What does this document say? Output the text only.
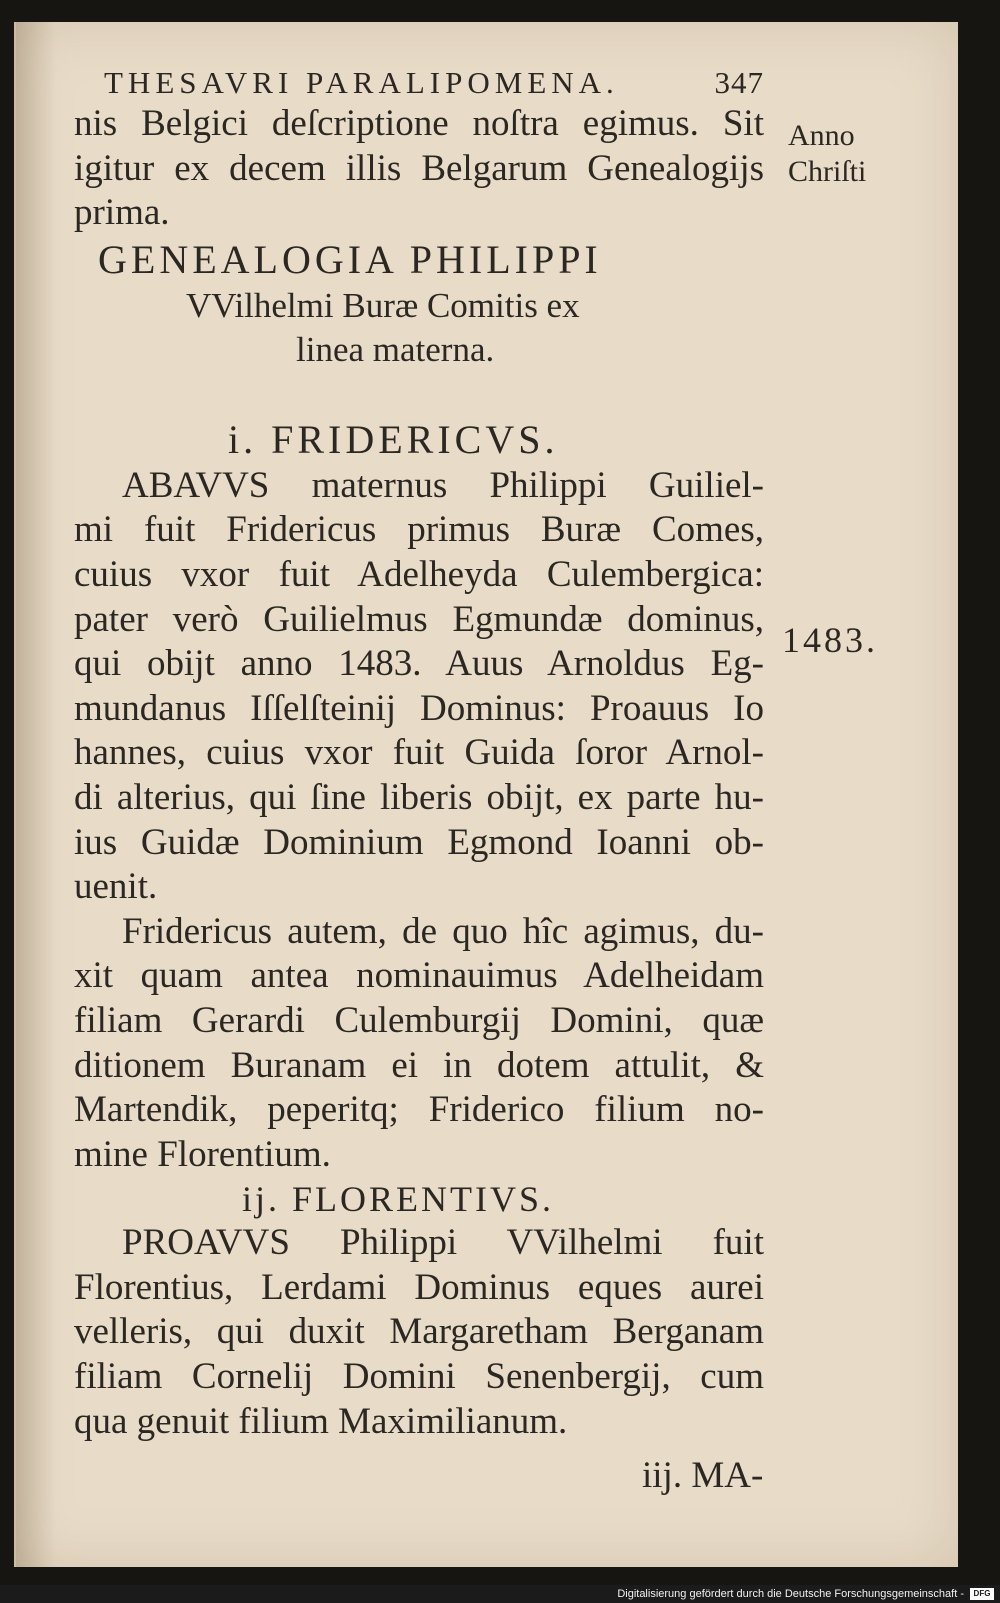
THESAVRI PARALIPOMENA.	347
nis Belgici deſcriptione noſtra egimus. Sit
igitur ex decem illis Belgarum Genealogijs
prima.
GENEALOGIA PHILIPPI
VVilhelmi Buræ Comitis ex
linea materna.
i. FRIDERICVS.
ABAVVS maternus Philippi Guiliel-
mi fuit Fridericus primus Buræ Comes,
cuius vxor fuit Adelheyda Culembergica:
pater verò Guilielmus Egmundæ dominus,
qui obijt anno 1483. Auus Arnoldus Eg-
mundanus Iſſelſteinij Dominus: Proauus Io
hannes, cuius vxor fuit Guida ſoror Arnol-
di alterius, qui ſine liberis obijt, ex parte hu-
ius Guidæ Dominium Egmond Ioanni ob-
uenit.
Fridericus autem, de quo hîc agimus, du-
xit quam antea nominauimus Adelheidam
filiam Gerardi Culemburgij Domini, quæ
ditionem Buranam ei in dotem attulit, &
Martendik, peperitq; Friderico filium no-
mine Florentium.
ij. FLORENTIVS.
PROAVVS Philippi VVilhelmi fuit
Florentius, Lerdami Dominus eques aurei
velleris, qui duxit Margaretham Berganam
filiam Cornelij Domini Senenbergij, cum
qua genuit filium Maximilianum.
iij. MA-
Anno
Chriſti
1483.
Digitalisierung gefördert durch die Deutsche Forschungsgemeinschaft -	DFG
